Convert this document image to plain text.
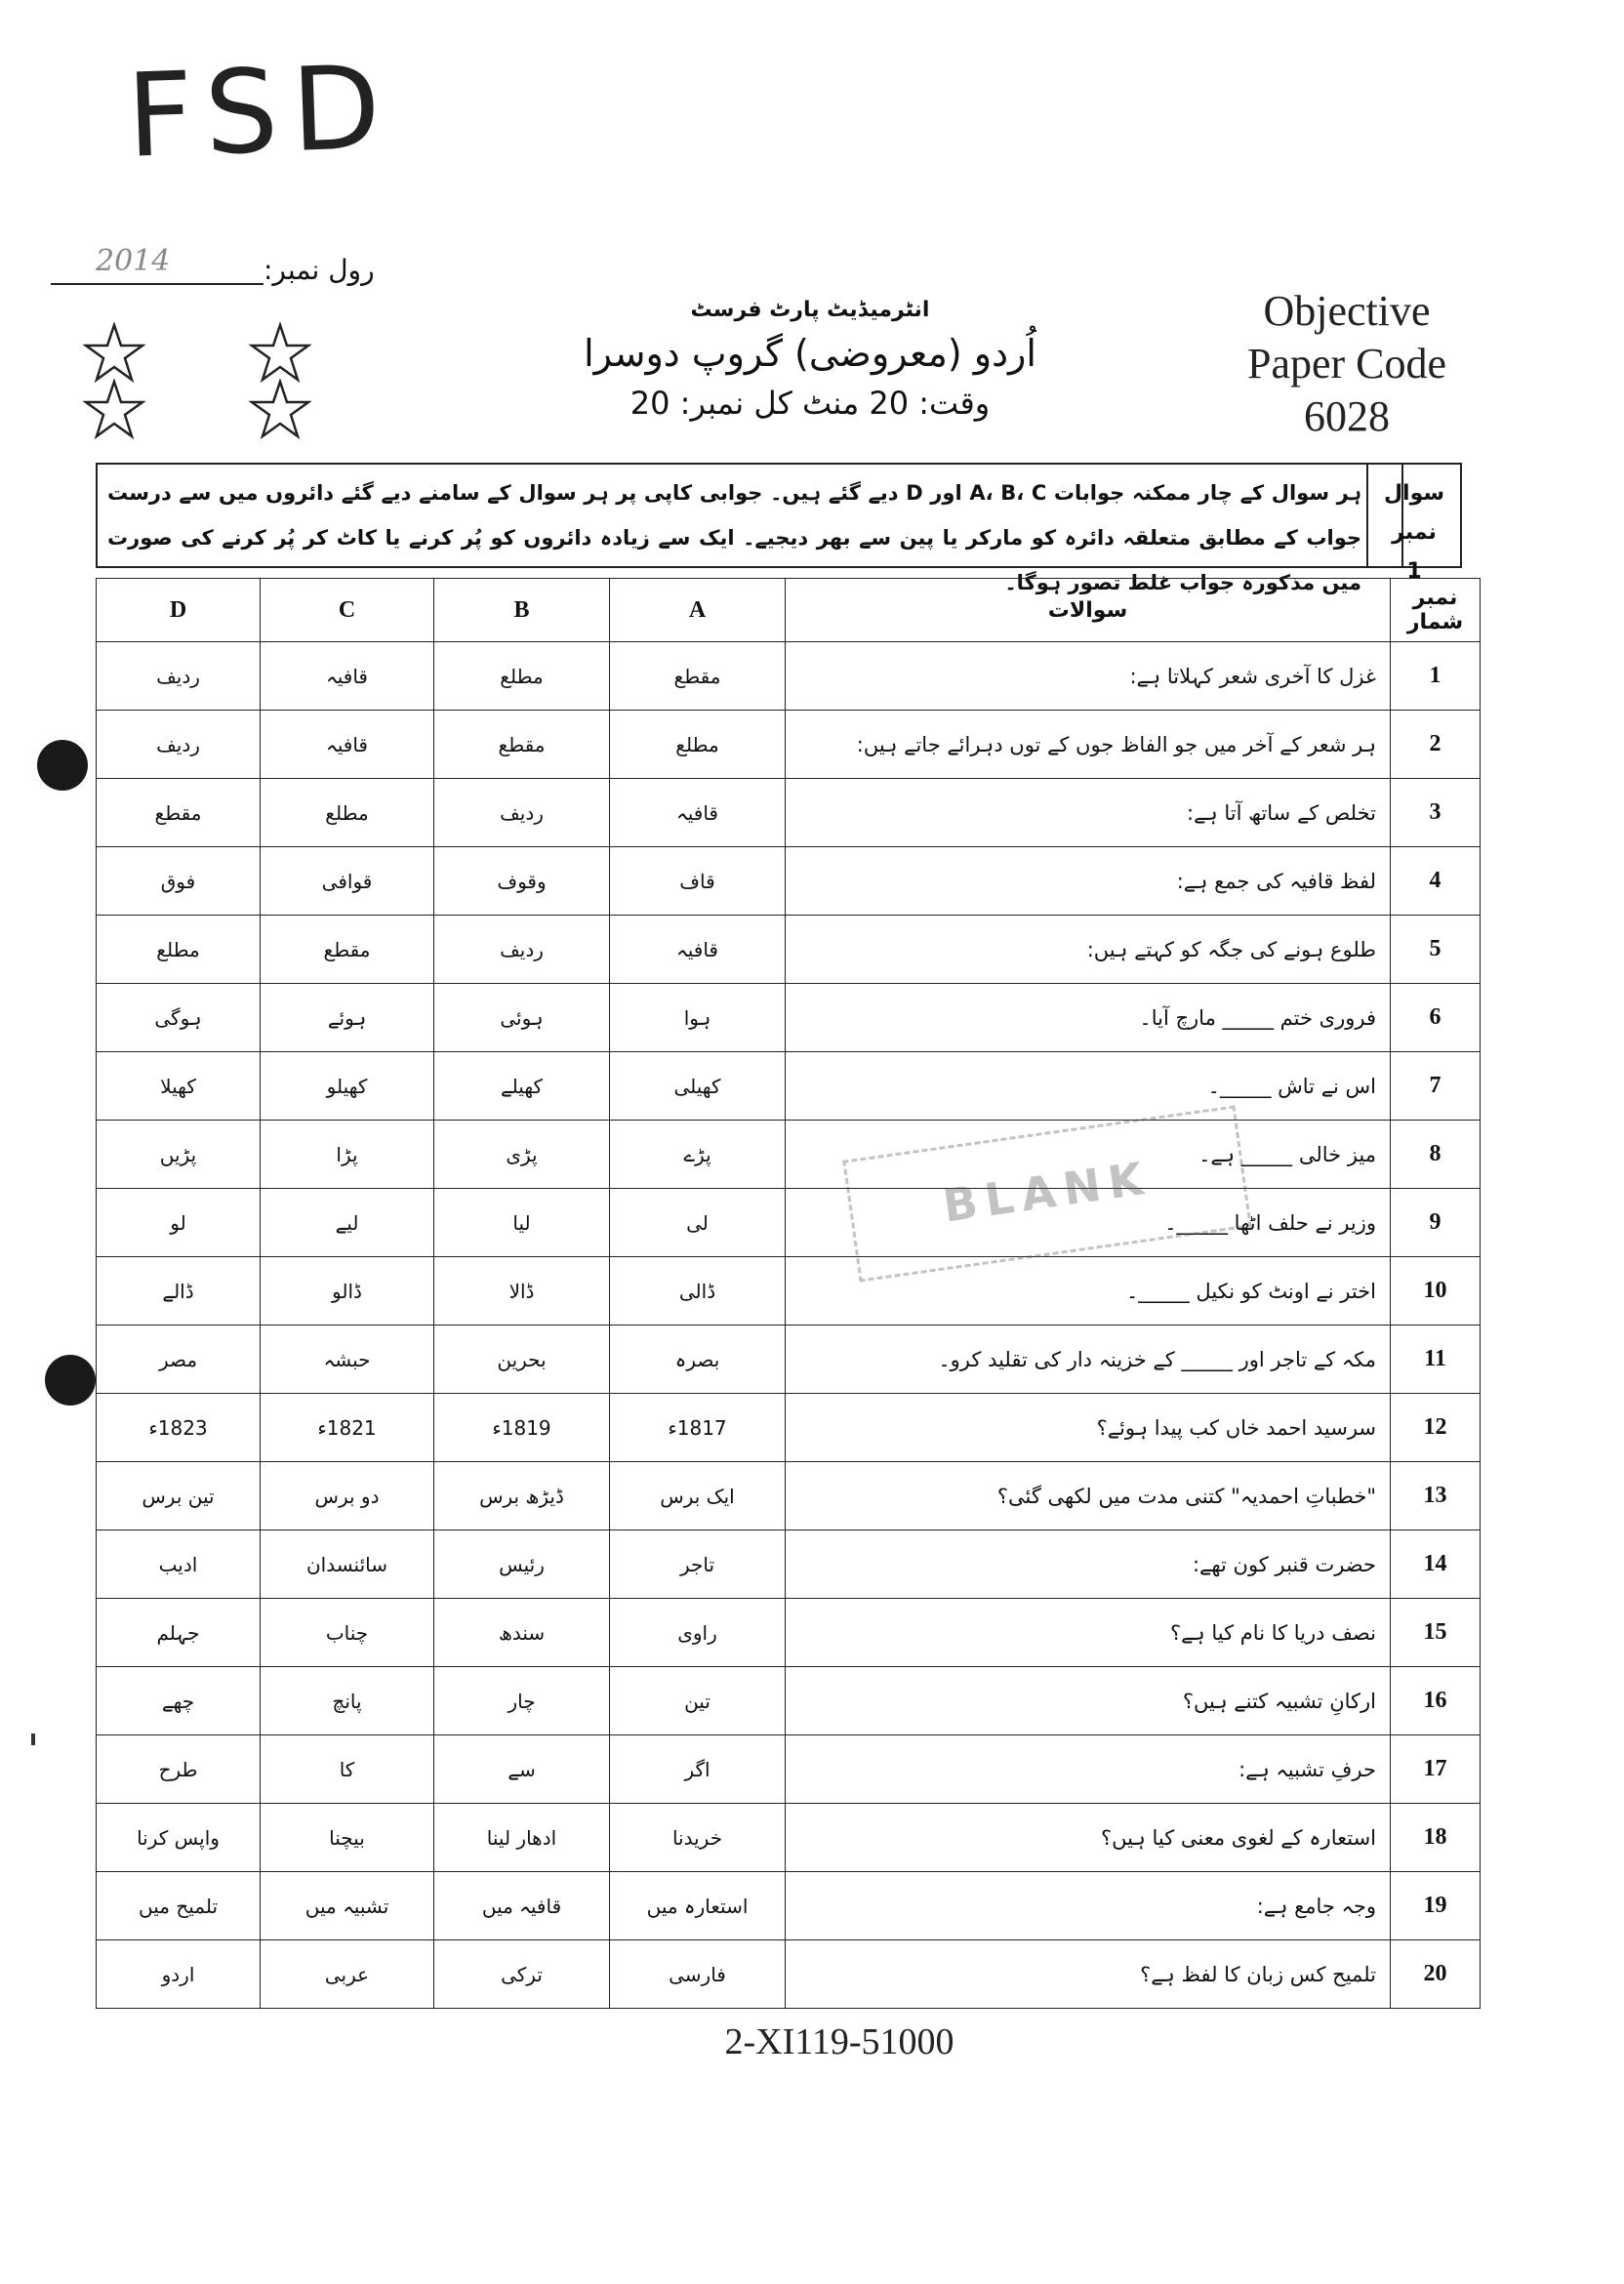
FSD
رول نمبر:
2014
انٹرمیڈیٹ پارٹ فرسٹ
اُردو (معروضی) گروپ دوسرا
وقت: 20 منٹ کل نمبر: 20
Objective
Paper Code
6028
سوال نمبر
1
ہر سوال کے چار ممکنہ جوابات A، B، C اور D دیے گئے ہیں۔ جوابی کاپی پر ہر سوال کے سامنے دیے گئے دائروں میں سے درست جواب کے مطابق متعلقہ دائرہ کو مارکر یا پین سے بھر دیجیے۔ ایک سے زیادہ دائروں کو پُر کرنے یا کاٹ کر پُر کرنے کی صورت میں مذکورہ جواب غلط تصور ہوگا۔
D	C	B	A	سوالات	نمبر شمار
ردیف	قافیہ	مطلع	مقطع	غزل کا آخری شعر کہلاتا ہے:	1
ردیف	قافیہ	مقطع	مطلع	ہر شعر کے آخر میں جو الفاظ جوں کے توں دہرائے جاتے ہیں:	2
مقطع	مطلع	ردیف	قافیہ	تخلص کے ساتھ آتا ہے:	3
فوق	قوافی	وقوف	قاف	لفظ قافیہ کی جمع ہے:	4
مطلع	مقطع	ردیف	قافیہ	طلوع ہونے کی جگہ کو کہتے ہیں:	5
ہوگی	ہوئے	ہوئی	ہوا	فروری ختم _____ مارچ آیا۔	6
کھیلا	کھیلو	کھیلے	کھیلی	اس نے تاش _____۔	7
پڑیں	پڑا	پڑی	پڑے	میز خالی _____ ہے۔	8
لو	لیے	لیا	لی	وزیر نے حلف اٹھا _____۔	9
ڈالے	ڈالو	ڈالا	ڈالی	اختر نے اونٹ کو نکیل _____۔	10
مصر	حبشہ	بحرین	بصرہ	مکہ کے تاجر اور _____ کے خزینہ دار کی تقلید کرو۔	11
1823ء	1821ء	1819ء	1817ء	سرسید احمد خاں کب پیدا ہوئے؟	12
تین برس	دو برس	ڈیڑھ برس	ایک برس	"خطباتِ احمدیہ" کتنی مدت میں لکھی گئی؟	13
ادیب	سائنسدان	رئیس	تاجر	حضرت قنبر کون تھے:	14
جہلم	چناب	سندھ	راوی	نصف دریا کا نام کیا ہے؟	15
چھے	پانچ	چار	تین	ارکانِ تشبیہ کتنے ہیں؟	16
طرح	کا	سے	اگر	حرفِ تشبیہ ہے:	17
واپس کرنا	بیچنا	ادھار لینا	خریدنا	استعارہ کے لغوی معنی کیا ہیں؟	18
تلمیح میں	تشبیہ میں	قافیہ میں	استعارہ میں	وجہ جامع ہے:	19
اردو	عربی	ترکی	فارسی	تلمیح کس زبان کا لفظ ہے؟	20
BLANK
2-XI119-51000
